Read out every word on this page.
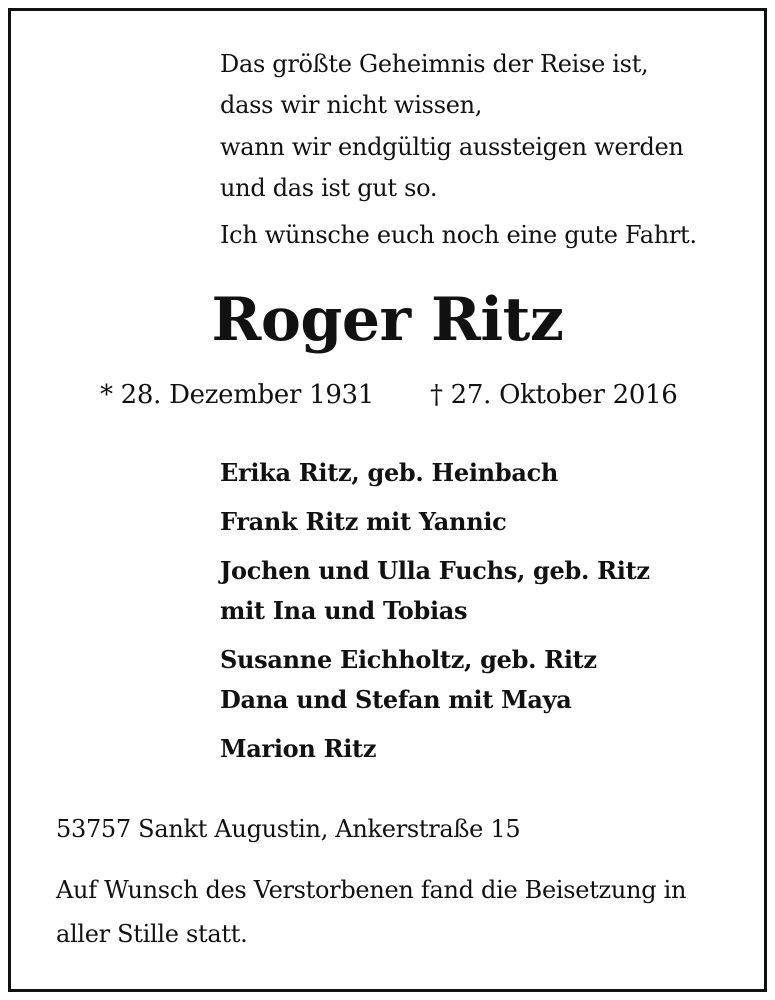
Das größte Geheimnis der Reise ist,
dass wir nicht wissen,
wann wir endgültig aussteigen werden
und das ist gut so.
Ich wünsche euch noch eine gute Fahrt.
Roger Ritz
* 28. Dezember 1931 † 27. Oktober 2016
Erika Ritz, geb. Heinbach
Frank Ritz mit Yannic
Jochen und Ulla Fuchs, geb. Ritz
mit Ina und Tobias
Susanne Eichholtz, geb. Ritz
Dana und Stefan mit Maya
Marion Ritz
53757 Sankt Augustin, Ankerstraße 15
Auf Wunsch des Verstorbenen fand die Beisetzung in
aller Stille statt.
